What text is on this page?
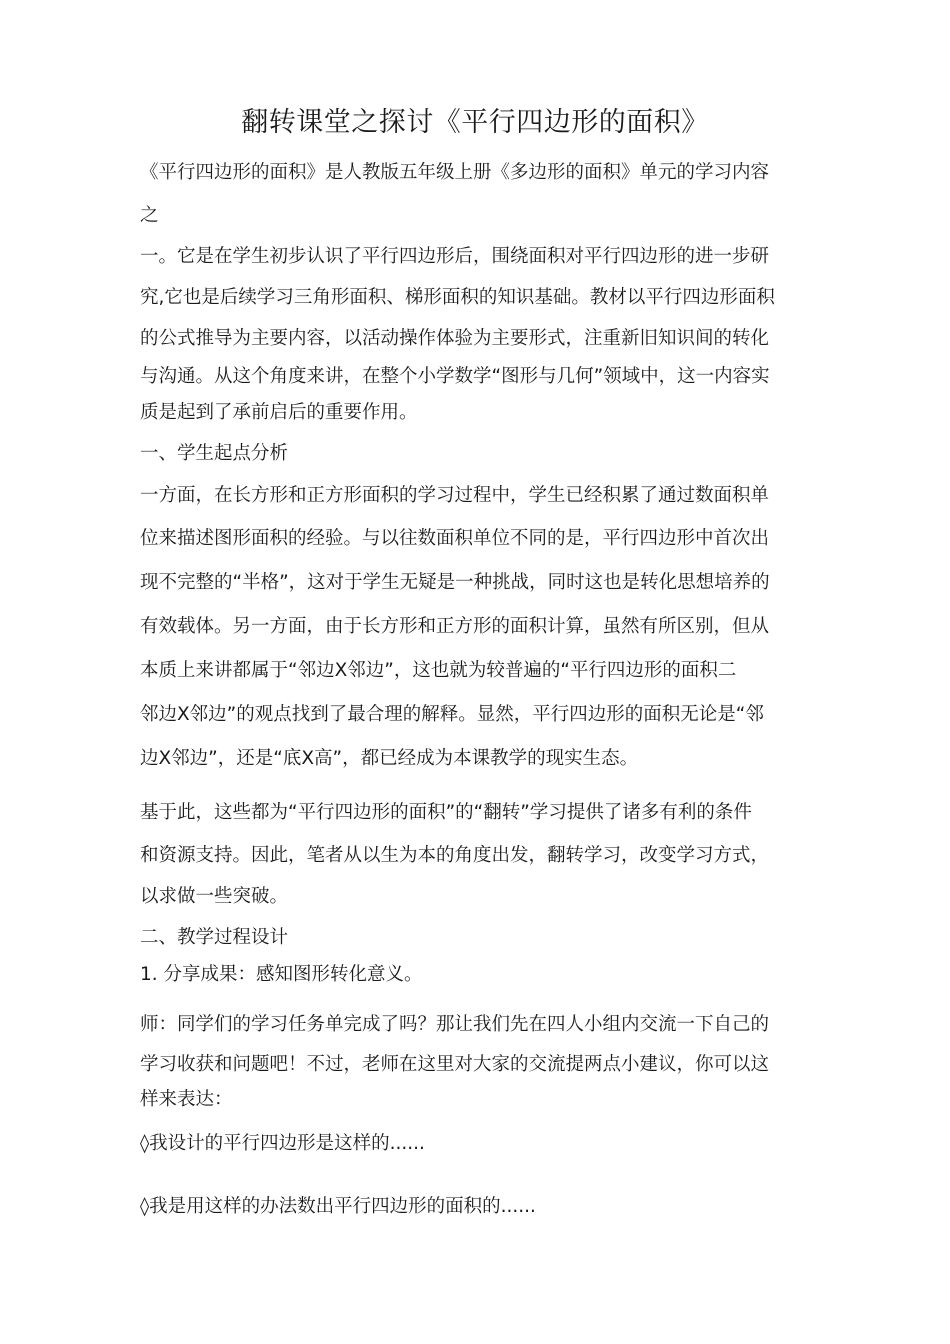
翻转课堂之探讨《平行四边形的面积》
《平行四边形的面积》是人教版五年级上册《多边形的面积》单元的学习内容
之
一。它是在学生初步认识了平行四边形后，围绕面积对平行四边形的进一步研
究,它也是后续学习三角形面积、梯形面积的知识基础。教材以平行四边形面积
的公式推导为主要内容，以活动操作体验为主要形式，注重新旧知识间的转化
与沟通。从这个角度来讲，在整个小学数学“图形与几何”领域中，这一内容实
质是起到了承前启后的重要作用。
一、学生起点分析
一方面，在长方形和正方形面积的学习过程中，学生已经积累了通过数面积单
位来描述图形面积的经验。与以往数面积单位不同的是，平行四边形中首次出
现不完整的“半格”，这对于学生无疑是一种挑战，同时这也是转化思想培养的
有效载体。另一方面，由于长方形和正方形的面积计算，虽然有所区别，但从
本质上来讲都属于“邻边X邻边”，这也就为较普遍的“平行四边形的面积二
邻边X邻边”的观点找到了最合理的解释。显然，平行四边形的面积无论是“邻
边X邻边”，还是“底X高”，都已经成为本课教学的现实生态。
基于此，这些都为“平行四边形的面积”的“翻转”学习提供了诸多有利的条件
和资源支持。因此，笔者从以生为本的角度出发，翻转学习，改变学习方式，
以求做一些突破。
二、教学过程设计
1. 分享成果：感知图形转化意义。
师：同学们的学习任务单完成了吗？那让我们先在四人小组内交流一下自己的
学习收获和问题吧！不过，老师在这里对大家的交流提两点小建议，你可以这
样来表达：
◊我设计的平行四边形是这样的......
◊我是用这样的办法数出平行四边形的面积的......
